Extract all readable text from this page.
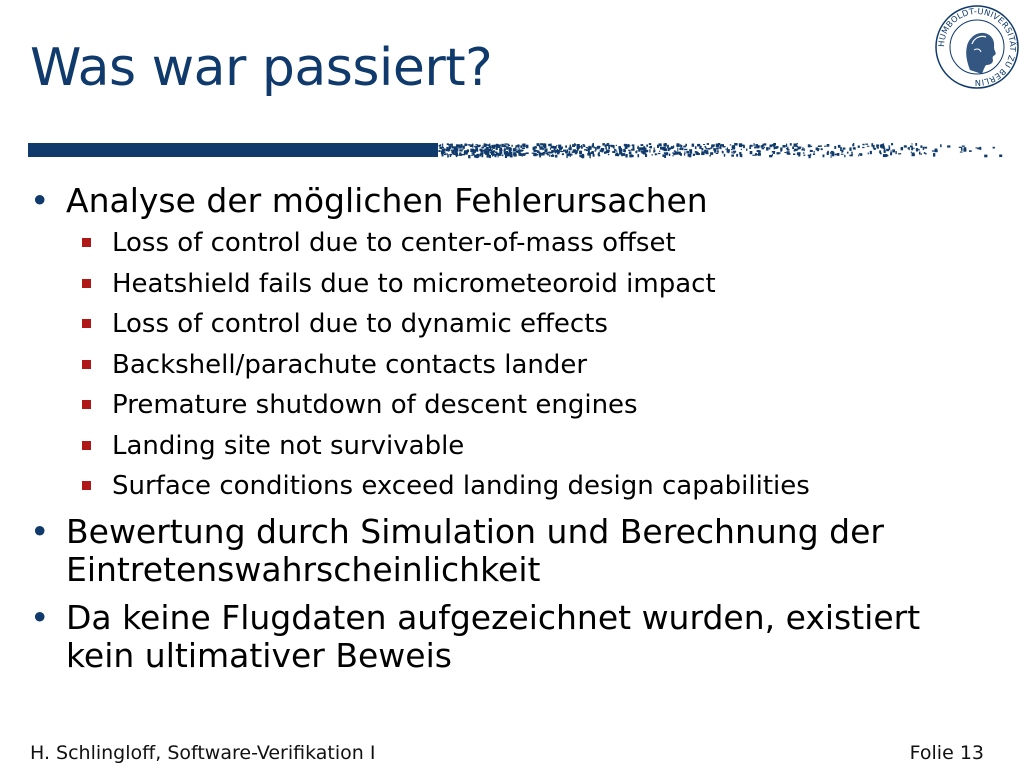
Was war passiert?	HUMBOLDT-UNIVERSITÄT ZU BERLIN
• Analyse der möglichen Fehlerursachen
Loss of control due to center-of-mass offset
Heatshield fails due to micrometeoroid impact
Loss of control due to dynamic effects
Backshell/parachute contacts lander
Premature shutdown of descent engines
Landing site not survivable
Surface conditions exceed landing design capabilities
• Bewertung durch Simulation und Berechnung der
Eintretenswahrscheinlichkeit
• Da keine Flugdaten aufgezeichnet wurden, existiert
kein ultimativer Beweis
H. Schlingloff, Software-Verifikation I	Folie 13
